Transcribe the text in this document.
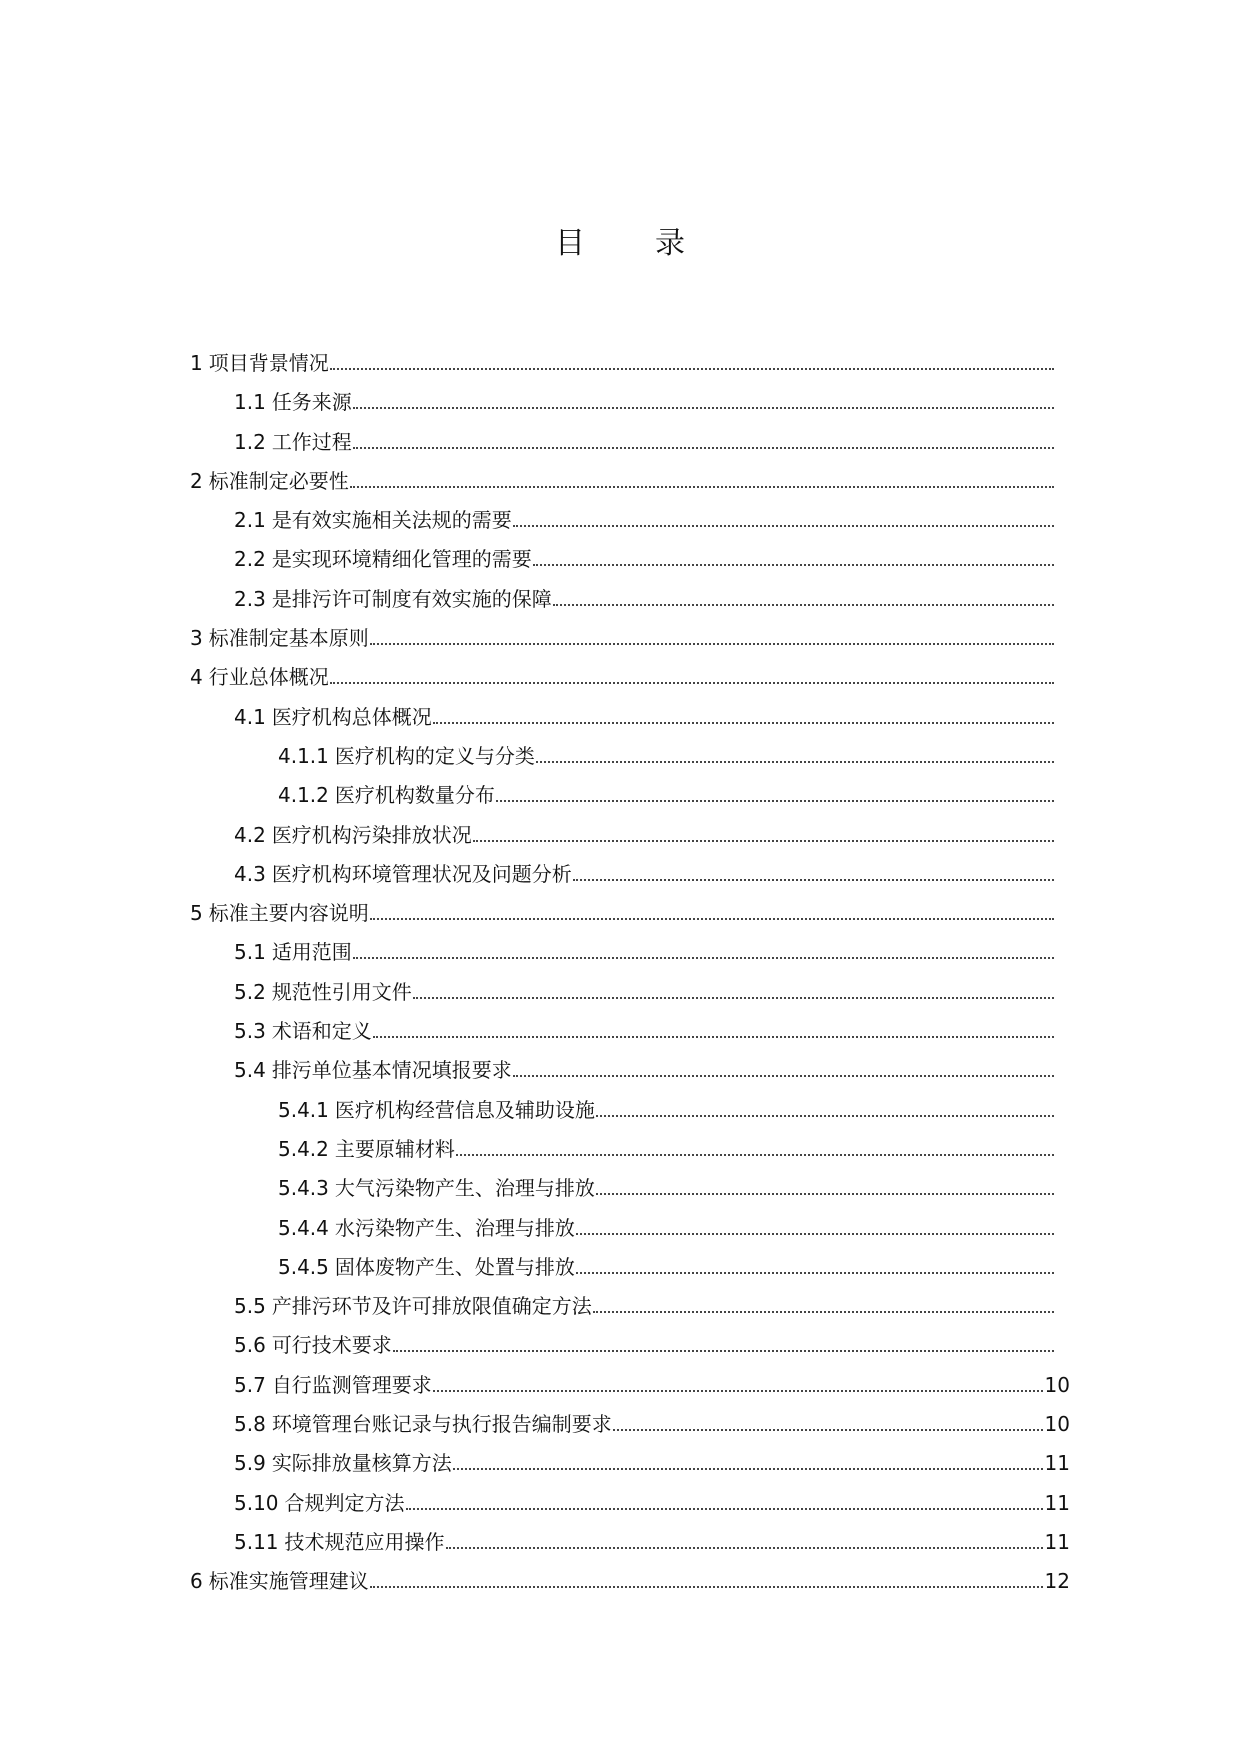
目　录
1 项目背景情况
1.1 任务来源
1.2 工作过程
2 标准制定必要性
2.1 是有效实施相关法规的需要
2.2 是实现环境精细化管理的需要
2.3 是排污许可制度有效实施的保障
3 标准制定基本原则
4 行业总体概况
4.1 医疗机构总体概况
4.1.1 医疗机构的定义与分类
4.1.2 医疗机构数量分布
4.2 医疗机构污染排放状况
4.3 医疗机构环境管理状况及问题分析
5 标准主要内容说明
5.1 适用范围
5.2 规范性引用文件
5.3 术语和定义
5.4 排污单位基本情况填报要求
5.4.1 医疗机构经营信息及辅助设施
5.4.2 主要原辅材料
5.4.3 大气污染物产生、治理与排放
5.4.4 水污染物产生、治理与排放
5.4.5 固体废物产生、处置与排放
5.5 产排污环节及许可排放限值确定方法
5.6 可行技术要求
5.7 自行监测管理要求	10
5.8 环境管理台账记录与执行报告编制要求	10
5.9 实际排放量核算方法	11
5.10 合规判定方法	11
5.11 技术规范应用操作	11
6 标准实施管理建议	12
